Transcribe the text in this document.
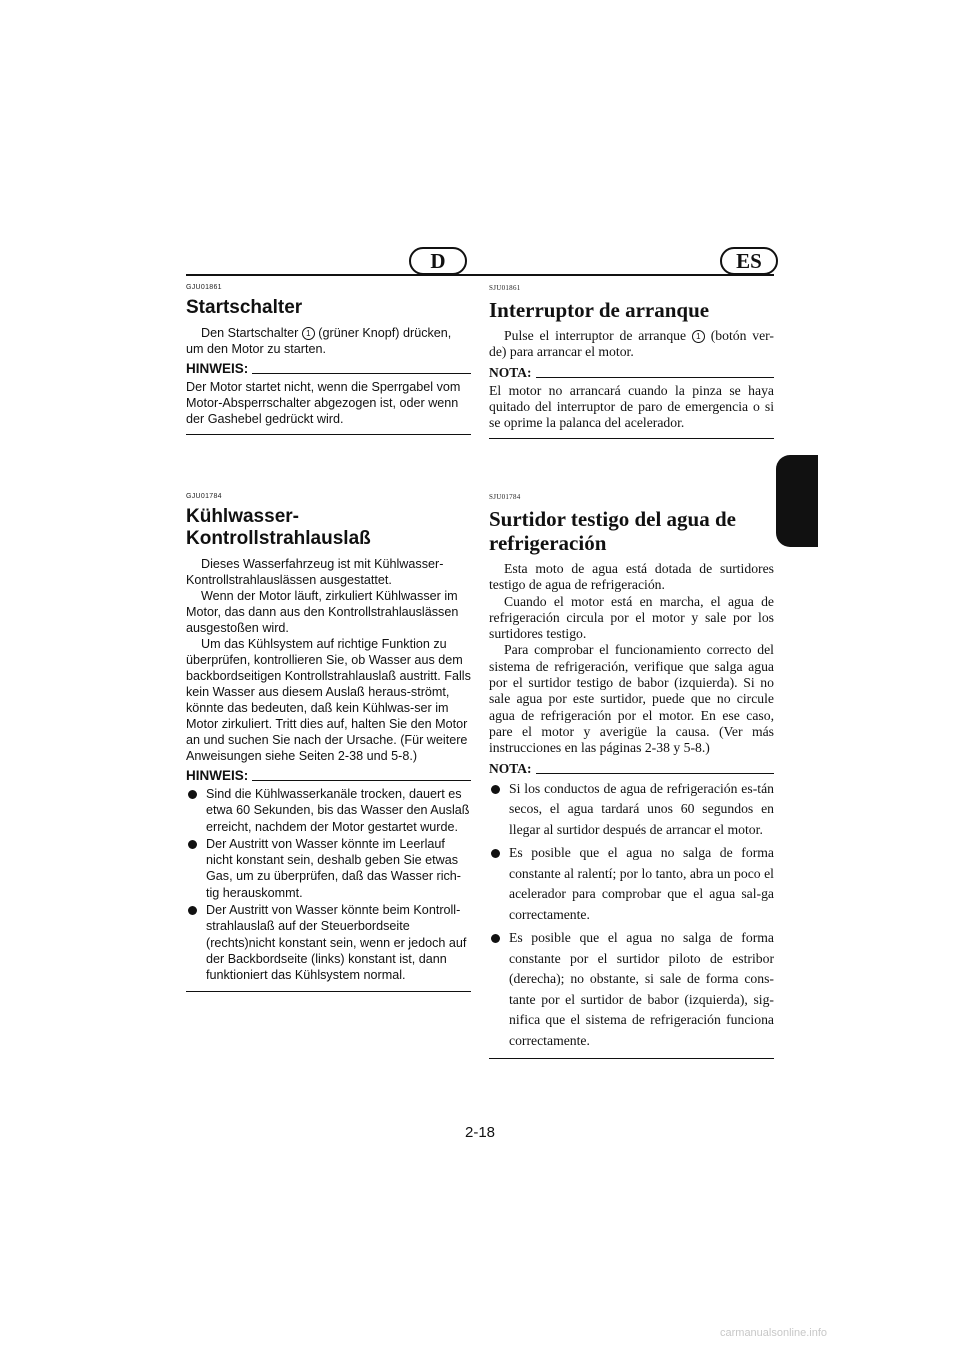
D	ES
GJU01861
Startschalter

Den Startschalter 1 (grüner Knopf) drücken, um den Motor zu starten.

HINWEIS:

Der Motor startet nicht, wenn die Sperrgabel vom Motor-Absperrschalter abgezogen ist, oder wenn der Gashebel gedrückt wird.

SJU01861
Interruptor de arranque

Pulse el interruptor de arranque 1 (botón ver-de) para arrancar el motor.

NOTA:

El motor no arrancará cuando la pinza se haya quitado del interruptor de paro de emergencia o si se oprime la palanca del acelerador.

GJU01784
Kühlwasser-Kontrollstrahlauslaß

Dieses Wasserfahrzeug ist mit Kühlwasser-Kontrollstrahlauslässen ausgestattet.

Wenn der Motor läuft, zirkuliert Kühlwasser im Motor, das dann aus den Kontrollstrahlauslässen ausgestoßen wird.

Um das Kühlsystem auf richtige Funktion zu überprüfen, kontrollieren Sie, ob Wasser aus dem backbordseitigen Kontrollstrahlauslaß austritt. Falls kein Wasser aus diesem Auslaß heraus-strömt, könnte das bedeuten, daß kein Kühlwas-ser im Motor zirkuliert. Tritt dies auf, halten Sie den Motor an und suchen Sie nach der Ursache. (Für weitere Anweisungen siehe Seiten 2-38 und 5-8.)

HINWEIS:
Sind die Kühlwasserkanäle trocken, dauert es etwa 60 Sekunden, bis das Wasser den Auslaß erreicht, nachdem der Motor gestartet wurde.
Der Austritt von Wasser könnte im Leerlauf nicht konstant sein, deshalb geben Sie etwas Gas, um zu überprüfen, daß das Wasser rich-tig herauskommt.
Der Austritt von Wasser könnte beim Kontroll-strahlauslaß auf der Steuerbordseite (rechts)nicht konstant sein, wenn er jedoch auf der Backbordseite (links) konstant ist, dann funktioniert das Kühlsystem normal.
SJU01784
Surtidor testigo del agua de
refrigeración

Esta moto de agua está dotada de surtidores testigo de agua de refrigeración.

Cuando el motor está en marcha, el agua de refrigeración circula por el motor y sale por los surtidores testigo.

Para comprobar el funcionamiento correcto del sistema de refrigeración, verifique que salga agua por el surtidor testigo de babor (izquierda). Si no sale agua por este surtidor, puede que no circule agua de refrigeración por el motor. En ese caso, pare el motor y averigüe la causa. (Ver más instrucciones en las páginas 2-38 y 5-8.)

NOTA:
Si los conductos de agua de refrigeración es-tán secos, el agua tardará unos 60 segundos en llegar al surtidor después de arrancar el motor.
Es posible que el agua no salga de forma constante al ralentí; por lo tanto, abra un poco el acelerador para comprobar que el agua sal-ga correctamente.
Es posible que el agua no salga de forma constante por el surtidor piloto de estribor (derecha); no obstante, si sale de forma cons-tante por el surtidor de babor (izquierda), sig-nifica que el sistema de refrigeración funciona correctamente.
2-18
carmanualsonline.info
